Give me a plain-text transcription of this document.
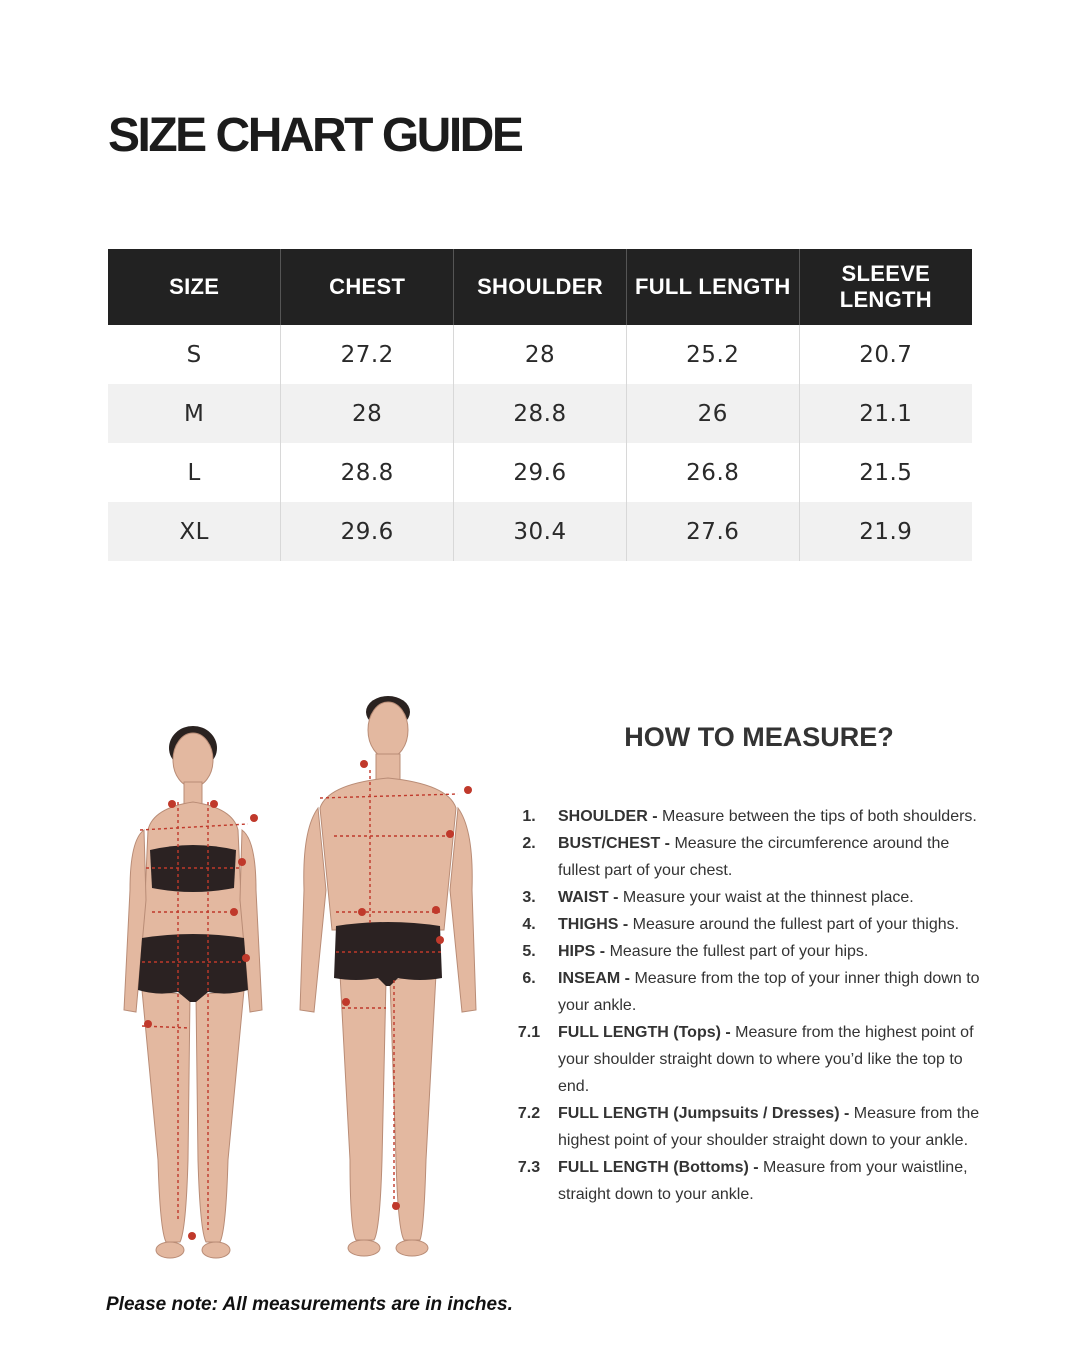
SIZE CHART GUIDE
SIZE	CHEST	SHOULDER	FULL LENGTH	SLEEVE LENGTH
S	27.2	28	25.2	20.7
M	28	28.8	26	21.1
L	28.8	29.6	26.8	21.5
XL	29.6	30.4	27.6	21.9
HOW TO MEASURE?
1.	SHOULDER - Measure between the tips of both shoulders.
2.	BUST/CHEST - Measure the circumference around the fullest part of your chest.
3.	WAIST - Measure your waist at the thinnest place.
4.	THIGHS - Measure around the fullest part of your thighs.
5.	HIPS - Measure the fullest part of your hips.
6.	INSEAM - Measure from the top of your inner thigh down to your ankle.
7.1	FULL LENGTH (Tops) - Measure from the highest point of your shoulder straight down to where you’d like the top to end.
7.2	FULL LENGTH (Jumpsuits / Dresses) - Measure from the highest point of your shoulder straight down to your ankle.
7.3	FULL LENGTH (Bottoms) - Measure from your waistline, straight down to your ankle.
Please note: All measurements are in inches.
